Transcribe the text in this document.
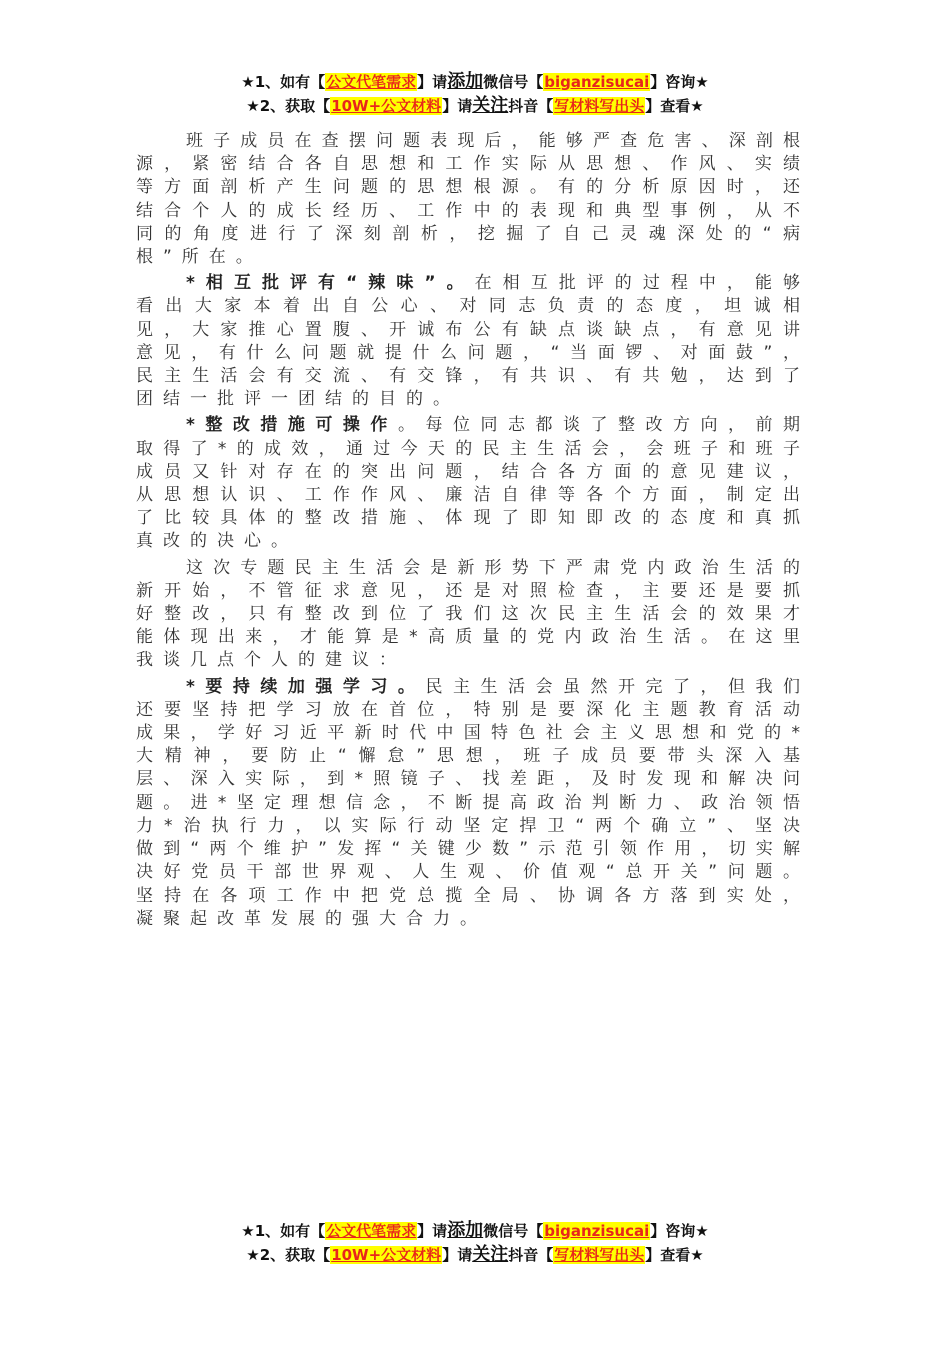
★1、如有【公文代笔需求】请添加微信号【biganzisucai】咨询★
★2、获取【10W+公文材料】请关注抖音【写材料写出头】查看★

班子成员在查摆问题表现后，能够严查危害、深剖根源，紧密结合各自思想和工作实际从思想、作风、实绩等方面剖析产生问题的思想根源。有的分析原因时，还结合个人的成长经历、工作中的表现和典型事例，从不同的角度进行了深刻剖析，挖掘了自己灵魂深处的“病根”所在。

*相互批评有“辣味”。在相互批评的过程中，能够看出大家本着出自公心、对同志负责的态度，坦诚相见，大家推心置腹、开诚布公有缺点谈缺点，有意见讲意见，有什么问题就提什么问题，“当面锣、对面鼓”，民主生活会有交流、有交锋，有共识、有共勉，达到了团结一批评一团结的目的。

*整改措施可操作。每位同志都谈了整改方向，前期取得了*的成效，通过今天的民主生活会，会班子和班子成员又针对存在的突出问题，结合各方面的意见建议，从思想认识、工作作风、廉洁自律等各个方面，制定出了比较具体的整改措施、体现了即知即改的态度和真抓真改的决心。

这次专题民主生活会是新形势下严肃党内政治生活的新开始，不管征求意见，还是对照检查，主要还是要抓好整改，只有整改到位了我们这次民主生活会的效果才能体现出来，才能算是*高质量的党内政治生活。在这里我谈几点个人的建议：

*要持续加强学习。民主生活会虽然开完了，但我们还要坚持把学习放在首位，特别是要深化主题教育活动成果，学好习近平新时代中国特色社会主义思想和党的*大精神，要防止“懈怠”思想，班子成员要带头深入基层、深入实际，到*照镜子、找差距，及时发现和解决问题。进*坚定理想信念，不断提高政治判断力、政治领悟力*治执行力，以实际行动坚定捍卫“两个确立”、坚决做到“两个维护”发挥“关键少数”示范引领作用，切实解决好党员干部世界观、人生观、价值观“总开关”问题。坚持在各项工作中把党总揽全局、协调各方落到实处，凝聚起改革发展的强大合力。

★1、如有【公文代笔需求】请添加微信号【biganzisucai】咨询★
★2、获取【10W+公文材料】请关注抖音【写材料写出头】查看★
